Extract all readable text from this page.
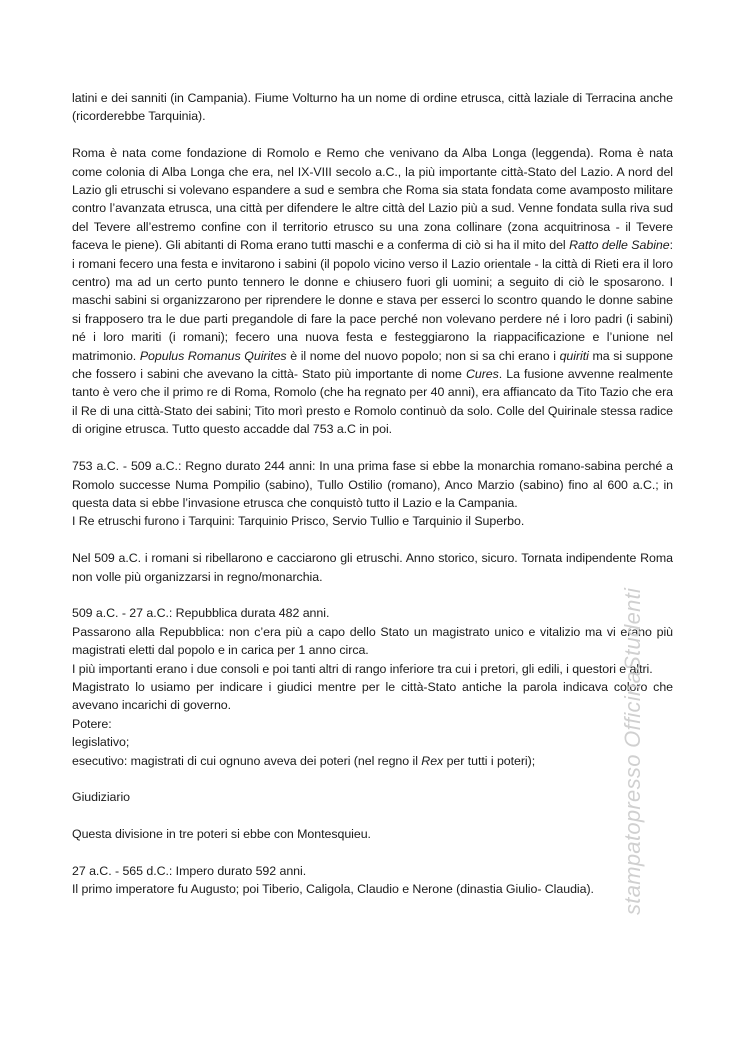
latini e dei sanniti (in Campania). Fiume Volturno ha un nome di ordine etrusca, città laziale di Terracina anche (ricorderebbe Tarquinia).

Roma è nata come fondazione di Romolo e Remo che venivano da Alba Longa (leggenda). Roma è nata come colonia di Alba Longa che era, nel IX-VIII secolo a.C., la più importante città-Stato del Lazio. A nord del Lazio gli etruschi si volevano espandere a sud e sembra che Roma sia stata fondata come avamposto militare contro l’avanzata etrusca, una città per difendere le altre città del Lazio più a sud. Venne fondata sulla riva sud del Tevere all’estremo confine con il territorio etrusco su una zona collinare (zona acquitrinosa - il Tevere faceva le piene). Gli abitanti di Roma erano tutti maschi e a conferma di ciò si ha il mito del Ratto delle Sabine: i romani fecero una festa e invitarono i sabini (il popolo vicino verso il Lazio orientale - la città di Rieti era il loro centro) ma ad un certo punto tennero le donne e chiusero fuori gli uomini; a seguito di ciò le sposarono. I maschi sabini si organizzarono per riprendere le donne e stava per esserci lo scontro quando le donne sabine si frapposero tra le due parti pregandole di fare la pace perché non volevano perdere né i loro padri (i sabini) né i loro mariti (i romani); fecero una nuova festa e festeggiarono la riappacificazione e l’unione nel matrimonio. Populus Romanus Quirites è il nome del nuovo popolo; non si sa chi erano i quiriti ma si suppone che fossero i sabini che avevano la città- Stato più importante di nome Cures. La fusione avvenne realmente tanto è vero che il primo re di Roma, Romolo (che ha regnato per 40 anni), era affiancato da Tito Tazio che era il Re di una città-Stato dei sabini; Tito morì presto e Romolo continuò da solo. Colle del Quirinale stessa radice di origine etrusca. Tutto questo accadde dal 753 a.C in poi.

753 a.C. - 509 a.C.: Regno durato 244 anni: In una prima fase si ebbe la monarchia romano-sabina perché a Romolo successe Numa Pompilio (sabino), Tullo Ostilio (romano), Anco Marzio (sabino) fino al 600 a.C.; in questa data si ebbe l’invasione etrusca che conquistò tutto il Lazio e la Campania.
I Re etruschi furono i Tarquini: Tarquinio Prisco, Servio Tullio e Tarquinio il Superbo.

Nel 509 a.C. i romani si ribellarono e cacciarono gli etruschi. Anno storico, sicuro. Tornata indipendente Roma non volle più organizzarsi in regno/monarchia.

509 a.C. - 27 a.C.: Repubblica durata 482 anni.
Passarono alla Repubblica: non c’era più a capo dello Stato un magistrato unico e vitalizio ma vi erano più magistrati eletti dal popolo e in carica per 1 anno circa.
I più importanti erano i due consoli e poi tanti altri di rango inferiore tra cui i pretori, gli edili, i questori e altri.
Magistrato lo usiamo per indicare i giudici mentre per le città-Stato antiche la parola indicava coloro che avevano incarichi di governo.
Potere:
legislativo;
esecutivo: magistrati di cui ognuno aveva dei poteri (nel regno il Rex per tutti i poteri);

Giudiziario

Questa divisione in tre poteri si ebbe con Montesquieu.

27 a.C. - 565 d.C.: Impero durato 592 anni.
Il primo imperatore fu Augusto; poi Tiberio, Caligola, Claudio e Nerone (dinastia Giulio- Claudia).	stampatopresso OfficinaStudenti
